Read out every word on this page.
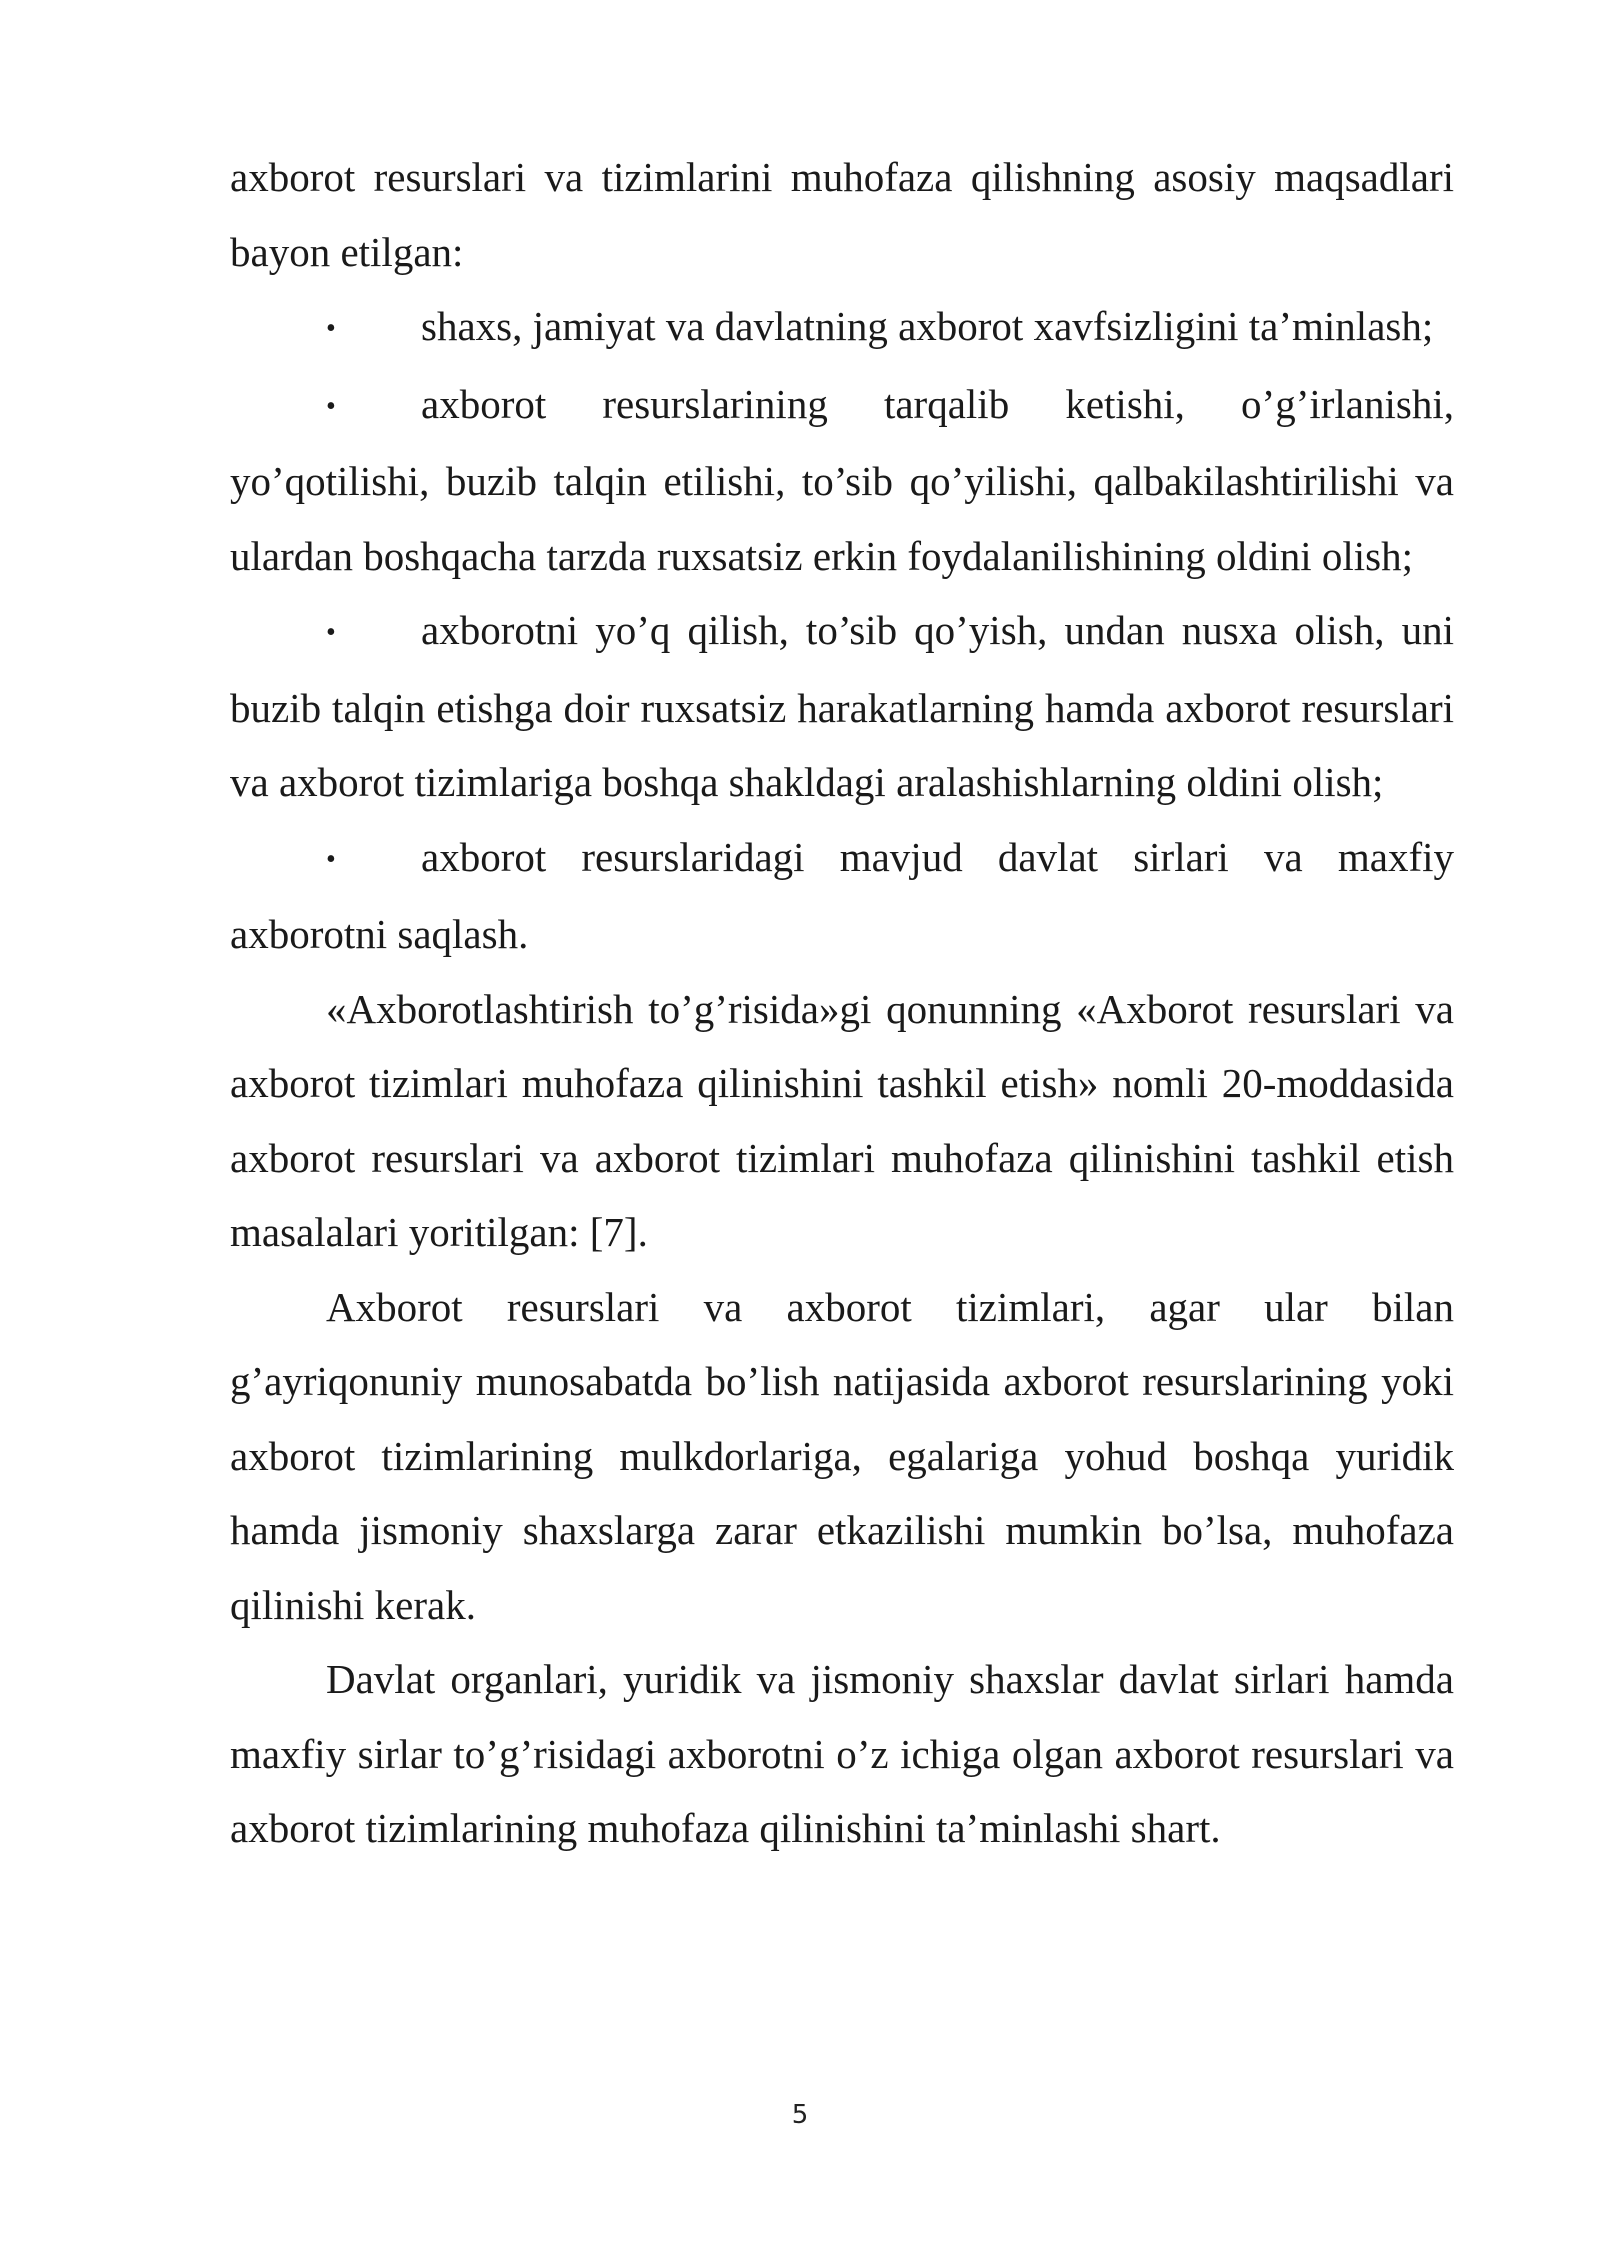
axborot resurslari va tizimlarini muhofaza qilishning asosiy maqsadlari bayon etilgan:

• shaxs, jamiyat va davlatning axborot xavfsizligini ta’minlash;

• axborot resurslarining tarqalib ketishi, o’g’irlanishi, yo’qotilishi, buzib talqin etilishi, to’sib qo’yilishi, qalbakilashtirilishi va ulardan boshqacha tarzda ruxsatsiz erkin foydalanilishining oldini olish;

• axborotni yo’q qilish, to’sib qo’yish, undan nusxa olish, uni buzib talqin etishga doir ruxsatsiz harakatlarning hamda axborot resurslari va axborot tizimlariga boshqa shakldagi aralashishlarning oldini olish;

• axborot resurslaridagi mavjud davlat sirlari va maxfiy axborotni saqlash.

«Axborotlashtirish to’g’risida»gi qonunning «Axborot resurslari va axborot tizimlari muhofaza qilinishini tashkil etish» nomli 20-moddasida axborot resurslari va axborot tizimlari muhofaza qilinishini tashkil etish masalalari yoritilgan: [7].

Axborot resurslari va axborot tizimlari, agar ular bilan g’ayriqonuniy munosabatda bo’lish natijasida axborot resurslarining yoki axborot tizimlarining mulkdorlariga, egalariga yohud boshqa yuridik hamda jismoniy shaxslarga zarar etkazilishi mumkin bo’lsa, muhofaza qilinishi kerak.

Davlat organlari, yuridik va jismoniy shaxslar davlat sirlari hamda maxfiy sirlar to’g’risidagi axborotni o’z ichiga olgan axborot resurslari va axborot tizimlarining muhofaza qilinishini ta’minlashi shart.

5
